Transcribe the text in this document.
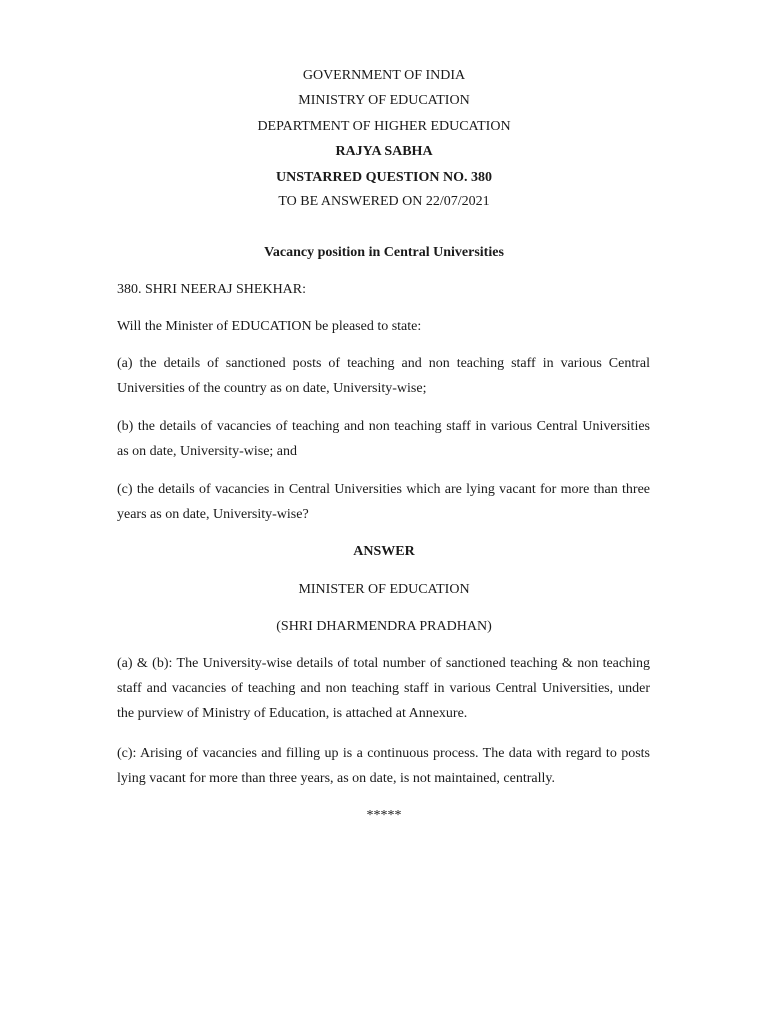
GOVERNMENT OF INDIA
MINISTRY OF EDUCATION
DEPARTMENT OF HIGHER EDUCATION
RAJYA SABHA
UNSTARRED QUESTION NO. 380
TO BE ANSWERED ON 22/07/2021
Vacancy position in Central Universities
380. SHRI NEERAJ SHEKHAR:
Will the Minister of EDUCATION be pleased to state:
(a) the details of sanctioned posts of teaching and non teaching staff in various Central Universities of the country as on date, University-wise;
(b) the details of vacancies of teaching and non teaching staff in various Central Universities as on date, University-wise; and
(c) the details of vacancies in Central Universities which are lying vacant for more than three years as on date, University-wise?
ANSWER
MINISTER OF EDUCATION
(SHRI DHARMENDRA PRADHAN)
(a) & (b): The University-wise details of total number of sanctioned teaching & non teaching staff and vacancies of teaching and non teaching staff in various Central Universities, under the purview of Ministry of Education, is attached at Annexure.
(c): Arising of vacancies and filling up is a continuous process. The data with regard to posts lying vacant for more than three years, as on date, is not maintained, centrally.
*****
